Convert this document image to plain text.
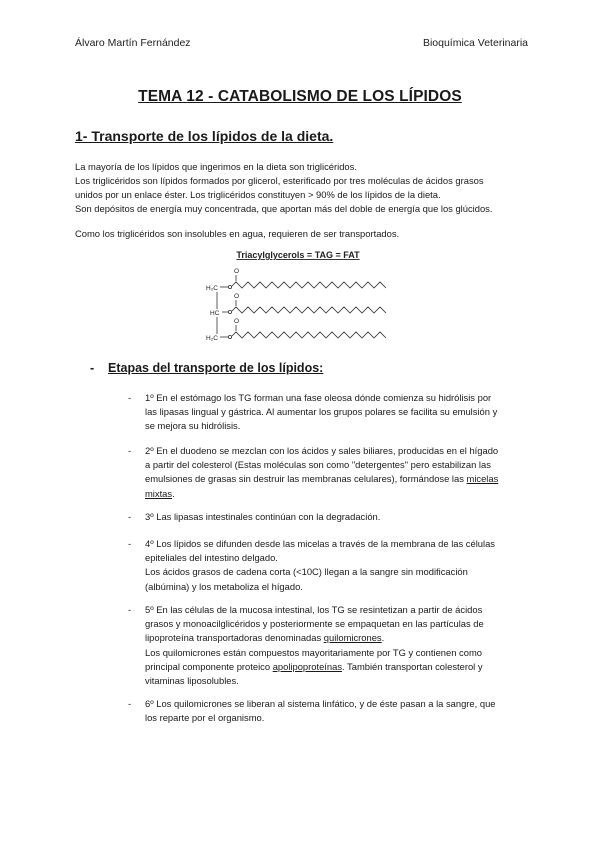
Álvaro Martín Fernández	Bioquímica Veterinaria
TEMA 12 - CATABOLISMO DE LOS LÍPIDOS
1- Transporte de los lípidos de la dieta.
La mayoría de los lípidos que ingerimos en la dieta son triglicéridos.
Los triglicéridos son lípidos formados por glicerol, esterificado por tres moléculas de ácidos grasos
unidos por un enlace éster. Los triglicéridos constituyen > 90% de los lípidos de la dieta.
Son depósitos de energía muy concentrada, que aportan más del doble de energía que los glúcidos.
Como los triglicéridos son insolubles en agua, requieren de ser transportados.
Triacylglycerols = TAG = FAT
H₂C
HC
H₂C
O
O
O
- Etapas del transporte de los lípidos:
- 1º En el estómago los TG forman una fase oleosa dónde comienza su hidrólisis por
las lipasas lingual y gástrica. Al aumentar los grupos polares se facilita su emulsión y
se mejora su hidrólisis.
- 2º En el duodeno se mezclan con los ácidos y sales biliares, producidas en el hígado
a partir del colesterol (Estas moléculas son como "detergentes" pero estabilizan las
emulsiones de grasas sin destruir las membranas celulares), formándose las micelas
mixtas.
- 3º Las lipasas intestinales continúan con la degradación.
- 4º Los lípidos se difunden desde las micelas a través de la membrana de las células
epiteliales del intestino delgado.
Los ácidos grasos de cadena corta (<10C) llegan a la sangre sin modificación
(albúmina) y los metaboliza el hígado.
- 5º En las células de la mucosa intestinal, los TG se resintetizan a partir de ácidos
grasos y monoacilglicéridos y posteriormente se empaquetan en las partículas de
lipoproteína transportadoras denominadas quilomicrones.
Los quilomicrones están compuestos mayoritariamente por TG y contienen como
principal componente proteico apolipoproteínas. También transportan colesterol y
vitaminas liposolubles.
- 6º Los quilomicrones se liberan al sistema linfático, y de éste pasan a la sangre, que
los reparte por el organismo.
